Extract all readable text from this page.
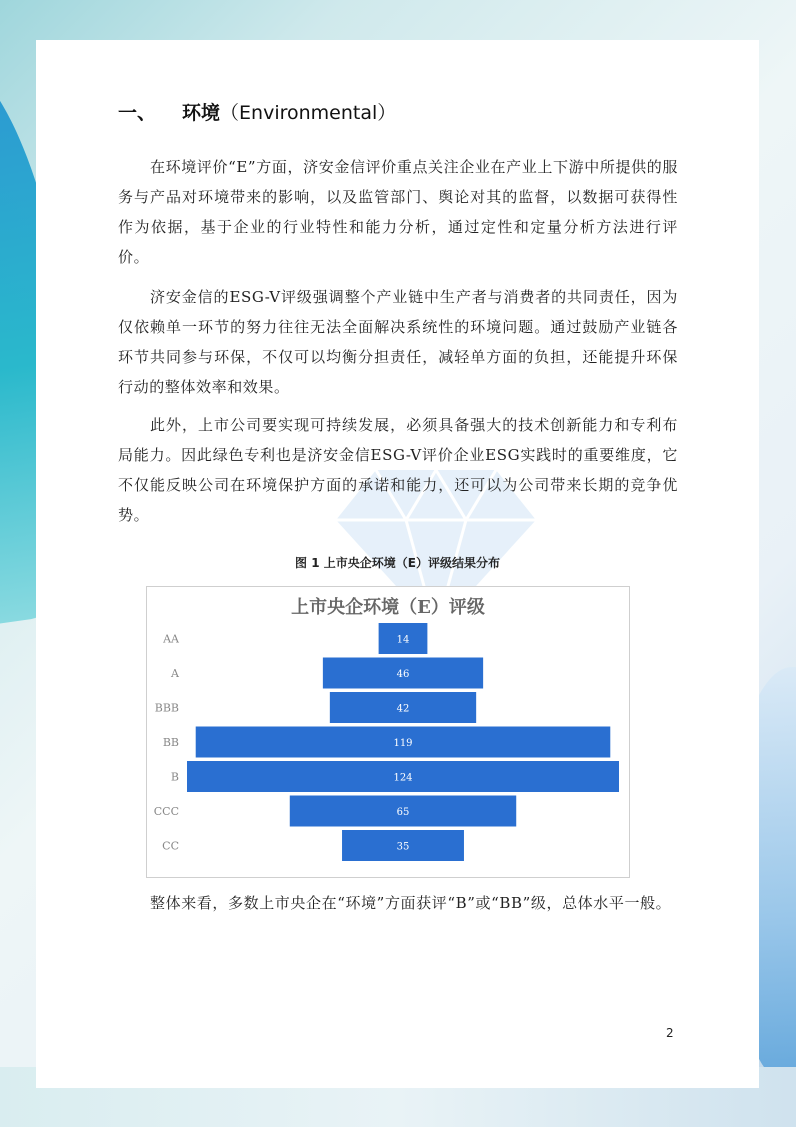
一、 环境（Environmental）

在环境评价“E”方面，济安金信评价重点关注企业在产业上下游中所提供的服务与产品对环境带来的影响，以及监管部门、舆论对其的监督，以数据可获得性作为依据，基于企业的行业特性和能力分析，通过定性和定量分析方法进行评价。

济安金信的ESG-V评级强调整个产业链中生产者与消费者的共同责任，因为仅依赖单一环节的努力往往无法全面解决系统性的环境问题。通过鼓励产业链各环节共同参与环保，不仅可以均衡分担责任，减轻单方面的负担，还能提升环保行动的整体效率和效果。

此外，上市公司要实现可持续发展，必须具备强大的技术创新能力和专利布局能力。因此绿色专利也是济安金信ESG-V评价企业ESG实践时的重要维度，它不仅能反映公司在环境保护方面的承诺和能力，还可以为公司带来长期的竞争优势。

图 1 上市央企环境（E）评级结果分布
上市央企环境（E）评级
AA	14
A	46
BBB	42
BB	119
B	124
CCC	65
CC	35

整体来看，多数上市央企在“环境”方面获评“B”或“BB”级，总体水平一般。

2
